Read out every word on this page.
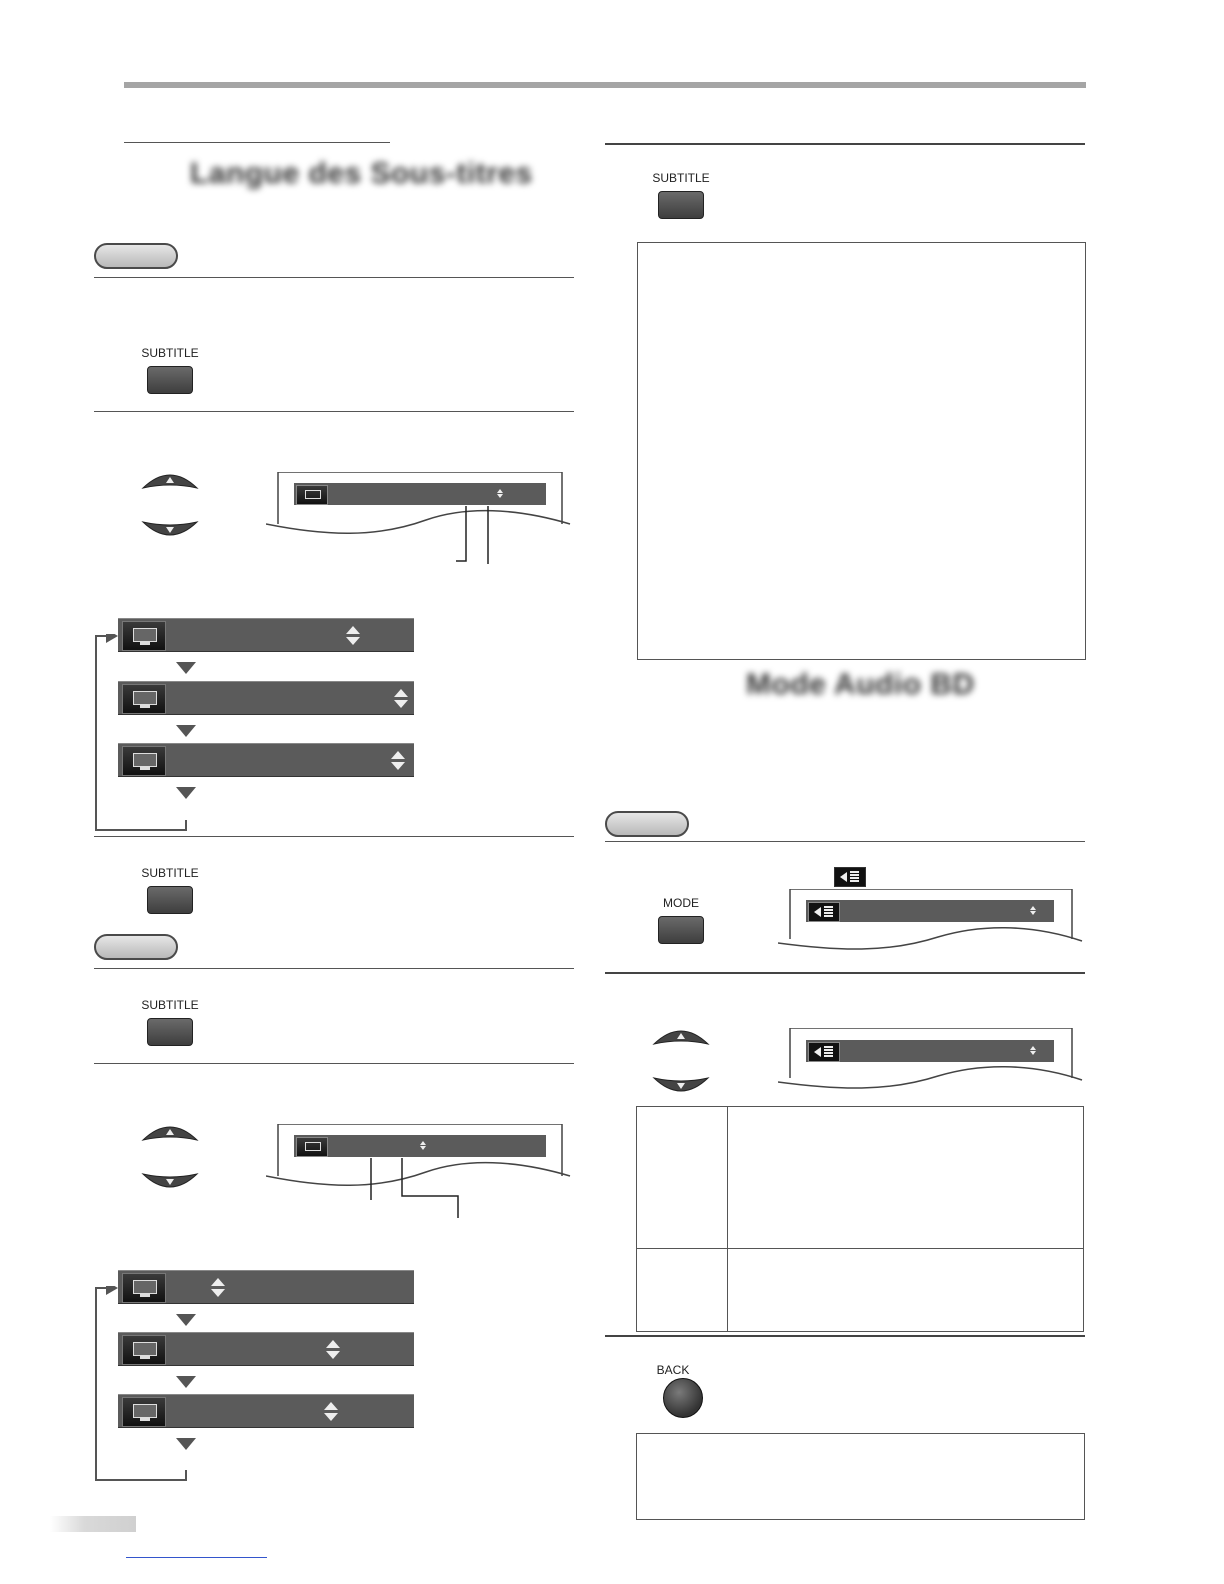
Langue des Sous-titres
SUBTITLE
SUBTITLE
SUBTITLE
SUBTITLE
Mode Audio BD
MODE
BACK
